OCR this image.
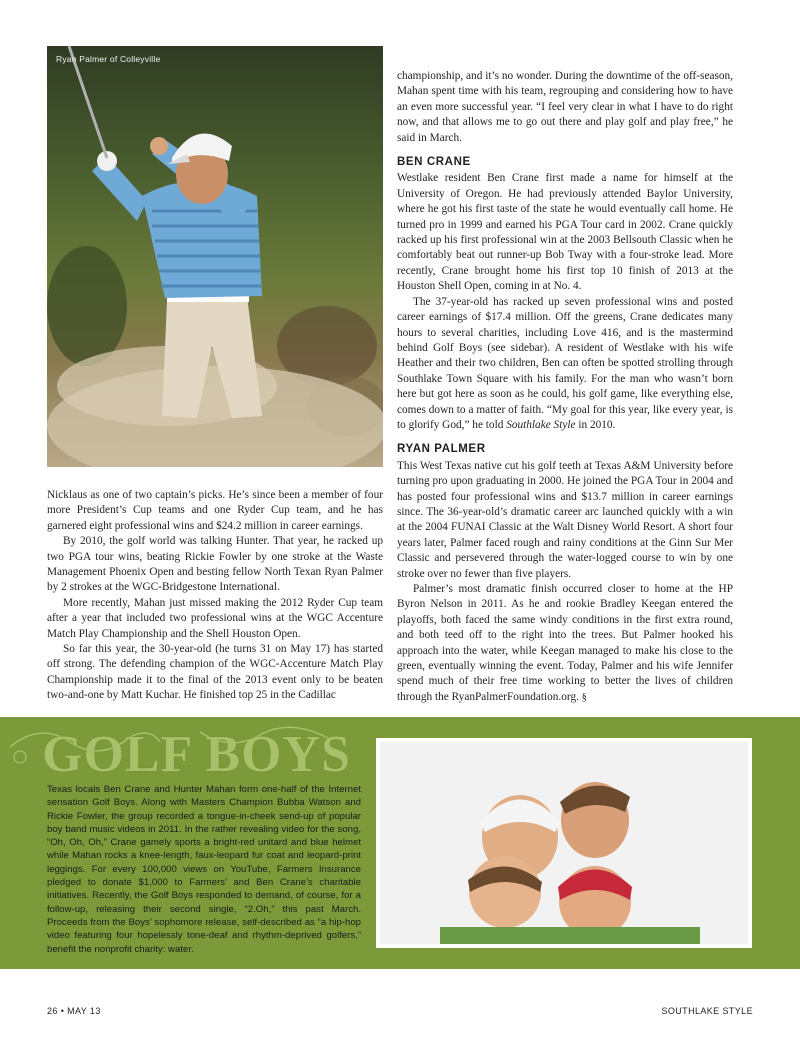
Ryan Palmer of Colleyville

Nicklaus as one of two captain’s picks. He’s since been a member of four more President’s Cup teams and one Ryder Cup team, and he has garnered eight professional wins and $24.2 million in career earnings.

By 2010, the golf world was talking Hunter. That year, he racked up two PGA tour wins, beating Rickie Fowler by one stroke at the Waste Management Phoenix Open and besting fellow North Texan Ryan Palmer by 2 strokes at the WGC-Bridgestone International.

More recently, Mahan just missed making the 2012 Ryder Cup team after a year that included two professional wins at the WGC Accenture Match Play Championship and the Shell Houston Open.

So far this year, the 30-year-old (he turns 31 on May 17) has started off strong. The defending champion of the WGC-Accenture Match Play Championship made it to the final of the 2013 event only to be beaten two-and-one by Matt Kuchar. He finished top 25 in the Cadillac

championship, and it’s no wonder. During the downtime of the off-season, Mahan spent time with his team, regrouping and considering how to have an even more successful year. “I feel very clear in what I have to do right now, and that allows me to go out there and play golf and play free,” he said in March.

BEN CRANE

Westlake resident Ben Crane first made a name for himself at the University of Oregon. He had previously attended Baylor University, where he got his first taste of the state he would eventually call home. He turned pro in 1999 and earned his PGA Tour card in 2002. Crane quickly racked up his first professional win at the 2003 Bellsouth Classic when he comfortably beat out runner-up Bob Tway with a four-stroke lead. More recently, Crane brought home his first top 10 finish of 2013 at the Houston Shell Open, coming in at No. 4.

The 37-year-old has racked up seven professional wins and posted career earnings of $17.4 million. Off the greens, Crane dedicates many hours to several charities, including Love 416, and is the mastermind behind Golf Boys (see sidebar). A resident of Westlake with his wife Heather and their two children, Ben can often be spotted strolling through Southlake Town Square with his family. For the man who wasn’t born here but got here as soon as he could, his golf game, like everything else, comes down to a matter of faith. “My goal for this year, like every year, is to glorify God,” he told Southlake Style in 2010.

RYAN PALMER

This West Texas native cut his golf teeth at Texas A&M University before turning pro upon graduating in 2000. He joined the PGA Tour in 2004 and has posted four professional wins and $13.7 million in career earnings since. The 36-year-old’s dramatic career arc launched quickly with a win at the 2004 FUNAI Classic at the Walt Disney World Resort. A short four years later, Palmer faced rough and rainy conditions at the Ginn Sur Mer Classic and persevered through the water-logged course to win by one stroke over no fewer than five players.

Palmer’s most dramatic finish occurred closer to home at the HP Byron Nelson in 2011. As he and rookie Bradley Keegan entered the playoffs, both faced the same windy conditions in the first extra round, and both teed off to the right into the trees. But Palmer hooked his approach into the water, while Keegan managed to make his close to the green, eventually winning the event. Today, Palmer and his wife Jennifer spend much of their free time working to better the lives of children through the RyanPalmerFoundation.org. §

GOLF BOYS
Texas locals Ben Crane and Hunter Mahan form one-half of the Internet sensation Golf Boys. Along with Masters Champion Bubba Watson and Rickie Fowler, the group recorded a tongue-in-cheek send-up of popular boy band music videos in 2011. In the rather revealing video for the song, “Oh, Oh, Oh,” Crane gamely sports a bright-red unitard and blue helmet while Mahan rocks a knee-length, faux-leopard fur coat and leopard-print leggings. For every 100,000 views on YouTube, Farmers Insurance pledged to donate $1,000 to Farmers’ and Ben Crane’s charitable initiatives. Recently, the Golf Boys responded to demand, of course, for a follow-up, releasing their second single, “2.Oh,” this past March. Proceeds from the Boys’ sophomore release, self-described as “a hip-hop video featuring four hopelessly tone-deaf and rhythm-deprived golfers,” benefit the nonprofit charity: water.
26 • MAY 13	SOUTHLAKE STYLE
